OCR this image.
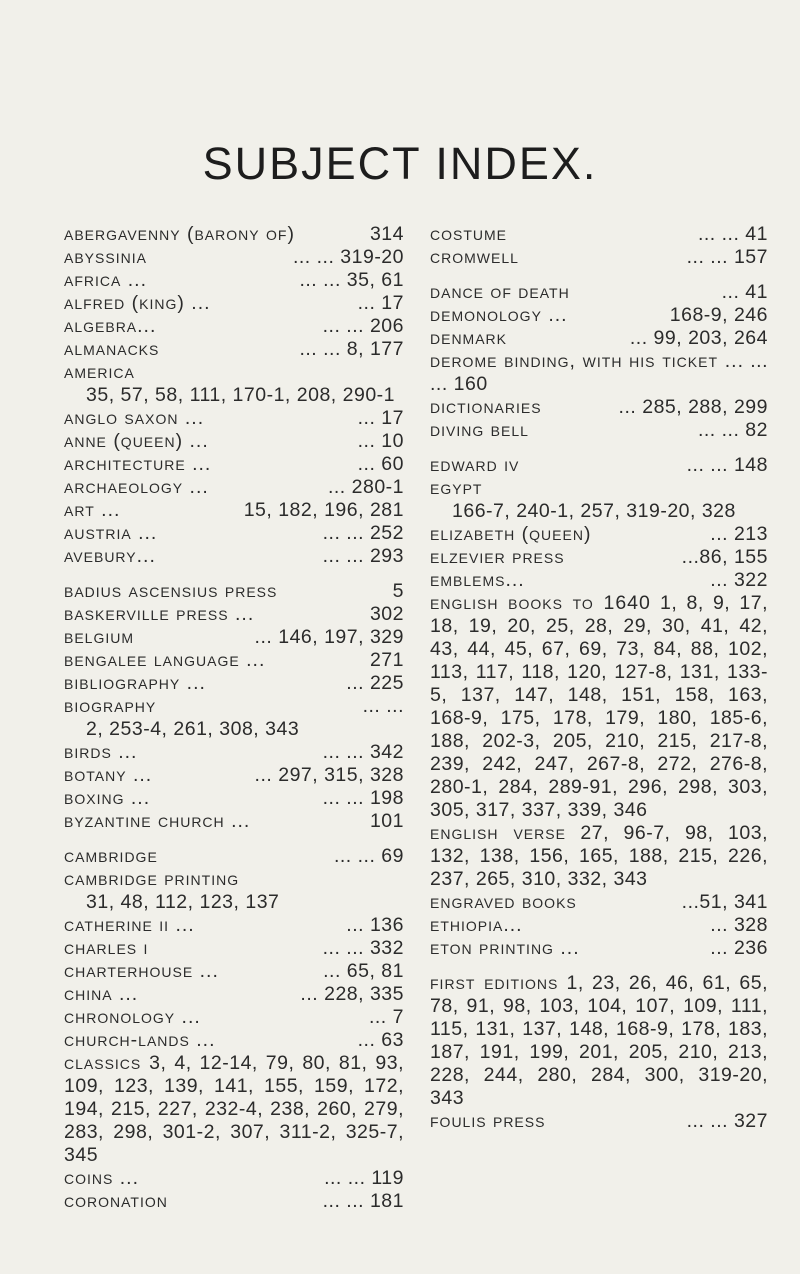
SUBJECT INDEX.
abergavenny (barony of)	314
abyssinia	... ... 319-20
africa ...	... ... 35, 61
alfred (king) ...	... 17
algebra...	... ... 206
almanacks	... ... 8, 177
america
35, 57, 58, 111, 170-1, 208, 290-1
anglo saxon ...	... 17
anne (queen) ...	... 10
architecture ...	... 60
archaeology ...	... 280-1
art ...	15, 182, 196, 281
austria ...	... ... 252
avebury...	... ... 293
badius ascensius press	5
baskerville press ...	302
belgium	... 146, 197, 329
bengalee language ...	271
bibliography ...	... 225
biography	... ...
2, 253-4, 261, 308, 343
birds ...	... ... 342
botany ...	... 297, 315, 328
boxing ...	... ... 198
byzantine church ...	101
cambridge	... ... 69
cambridge printing
31, 48, 112, 123, 137
catherine ii ...	... 136
charles i	... ... 332
charterhouse ...	... 65, 81
china ...	... 228, 335
chronology ...	... 7
church-lands ...	... 63
classics 3, 4, 12-14, 79, 80, 81, 93, 109, 123, 139, 141, 155, 159, 172, 194, 215, 227, 232-4, 238, 260, 279, 283, 298, 301-2, 307, 311-2, 325-7, 345
coins ...	... ... 119
coronation	... ... 181
costume	... ... 41
cromwell	... ... 157
dance of death	... 41
demonology ...	168-9, 246
denmark	... 99, 203, 264
derome binding, with his ticket ... ... ... 160
dictionaries	... 285, 288, 299
diving bell	... ... 82
edward iv	... ... 148
egypt
166-7, 240-1, 257, 319-20, 328
elizabeth (queen)	... 213
elzevier press	...86, 155
emblems...	... 322
english books to 1640 1, 8, 9, 17, 18, 19, 20, 25, 28, 29, 30, 41, 42, 43, 44, 45, 67, 69, 73, 84, 88, 102, 113, 117, 118, 120, 127-8, 131, 133-5, 137, 147, 148, 151, 158, 163, 168-9, 175, 178, 179, 180, 185-6, 188, 202-3, 205, 210, 215, 217-8, 239, 242, 247, 267-8, 272, 276-8, 280-1, 284, 289-91, 296, 298, 303, 305, 317, 337, 339, 346
english verse 27, 96-7, 98, 103, 132, 138, 156, 165, 188, 215, 226, 237, 265, 310, 332, 343
engraved books	...51, 341
ethiopia...	... 328
eton printing ...	... 236
first editions 1, 23, 26, 46, 61, 65, 78, 91, 98, 103, 104, 107, 109, 111, 115, 131, 137, 148, 168-9, 178, 183, 187, 191, 199, 201, 205, 210, 213, 228, 244, 280, 284, 300, 319-20, 343
foulis press	... ... 327
